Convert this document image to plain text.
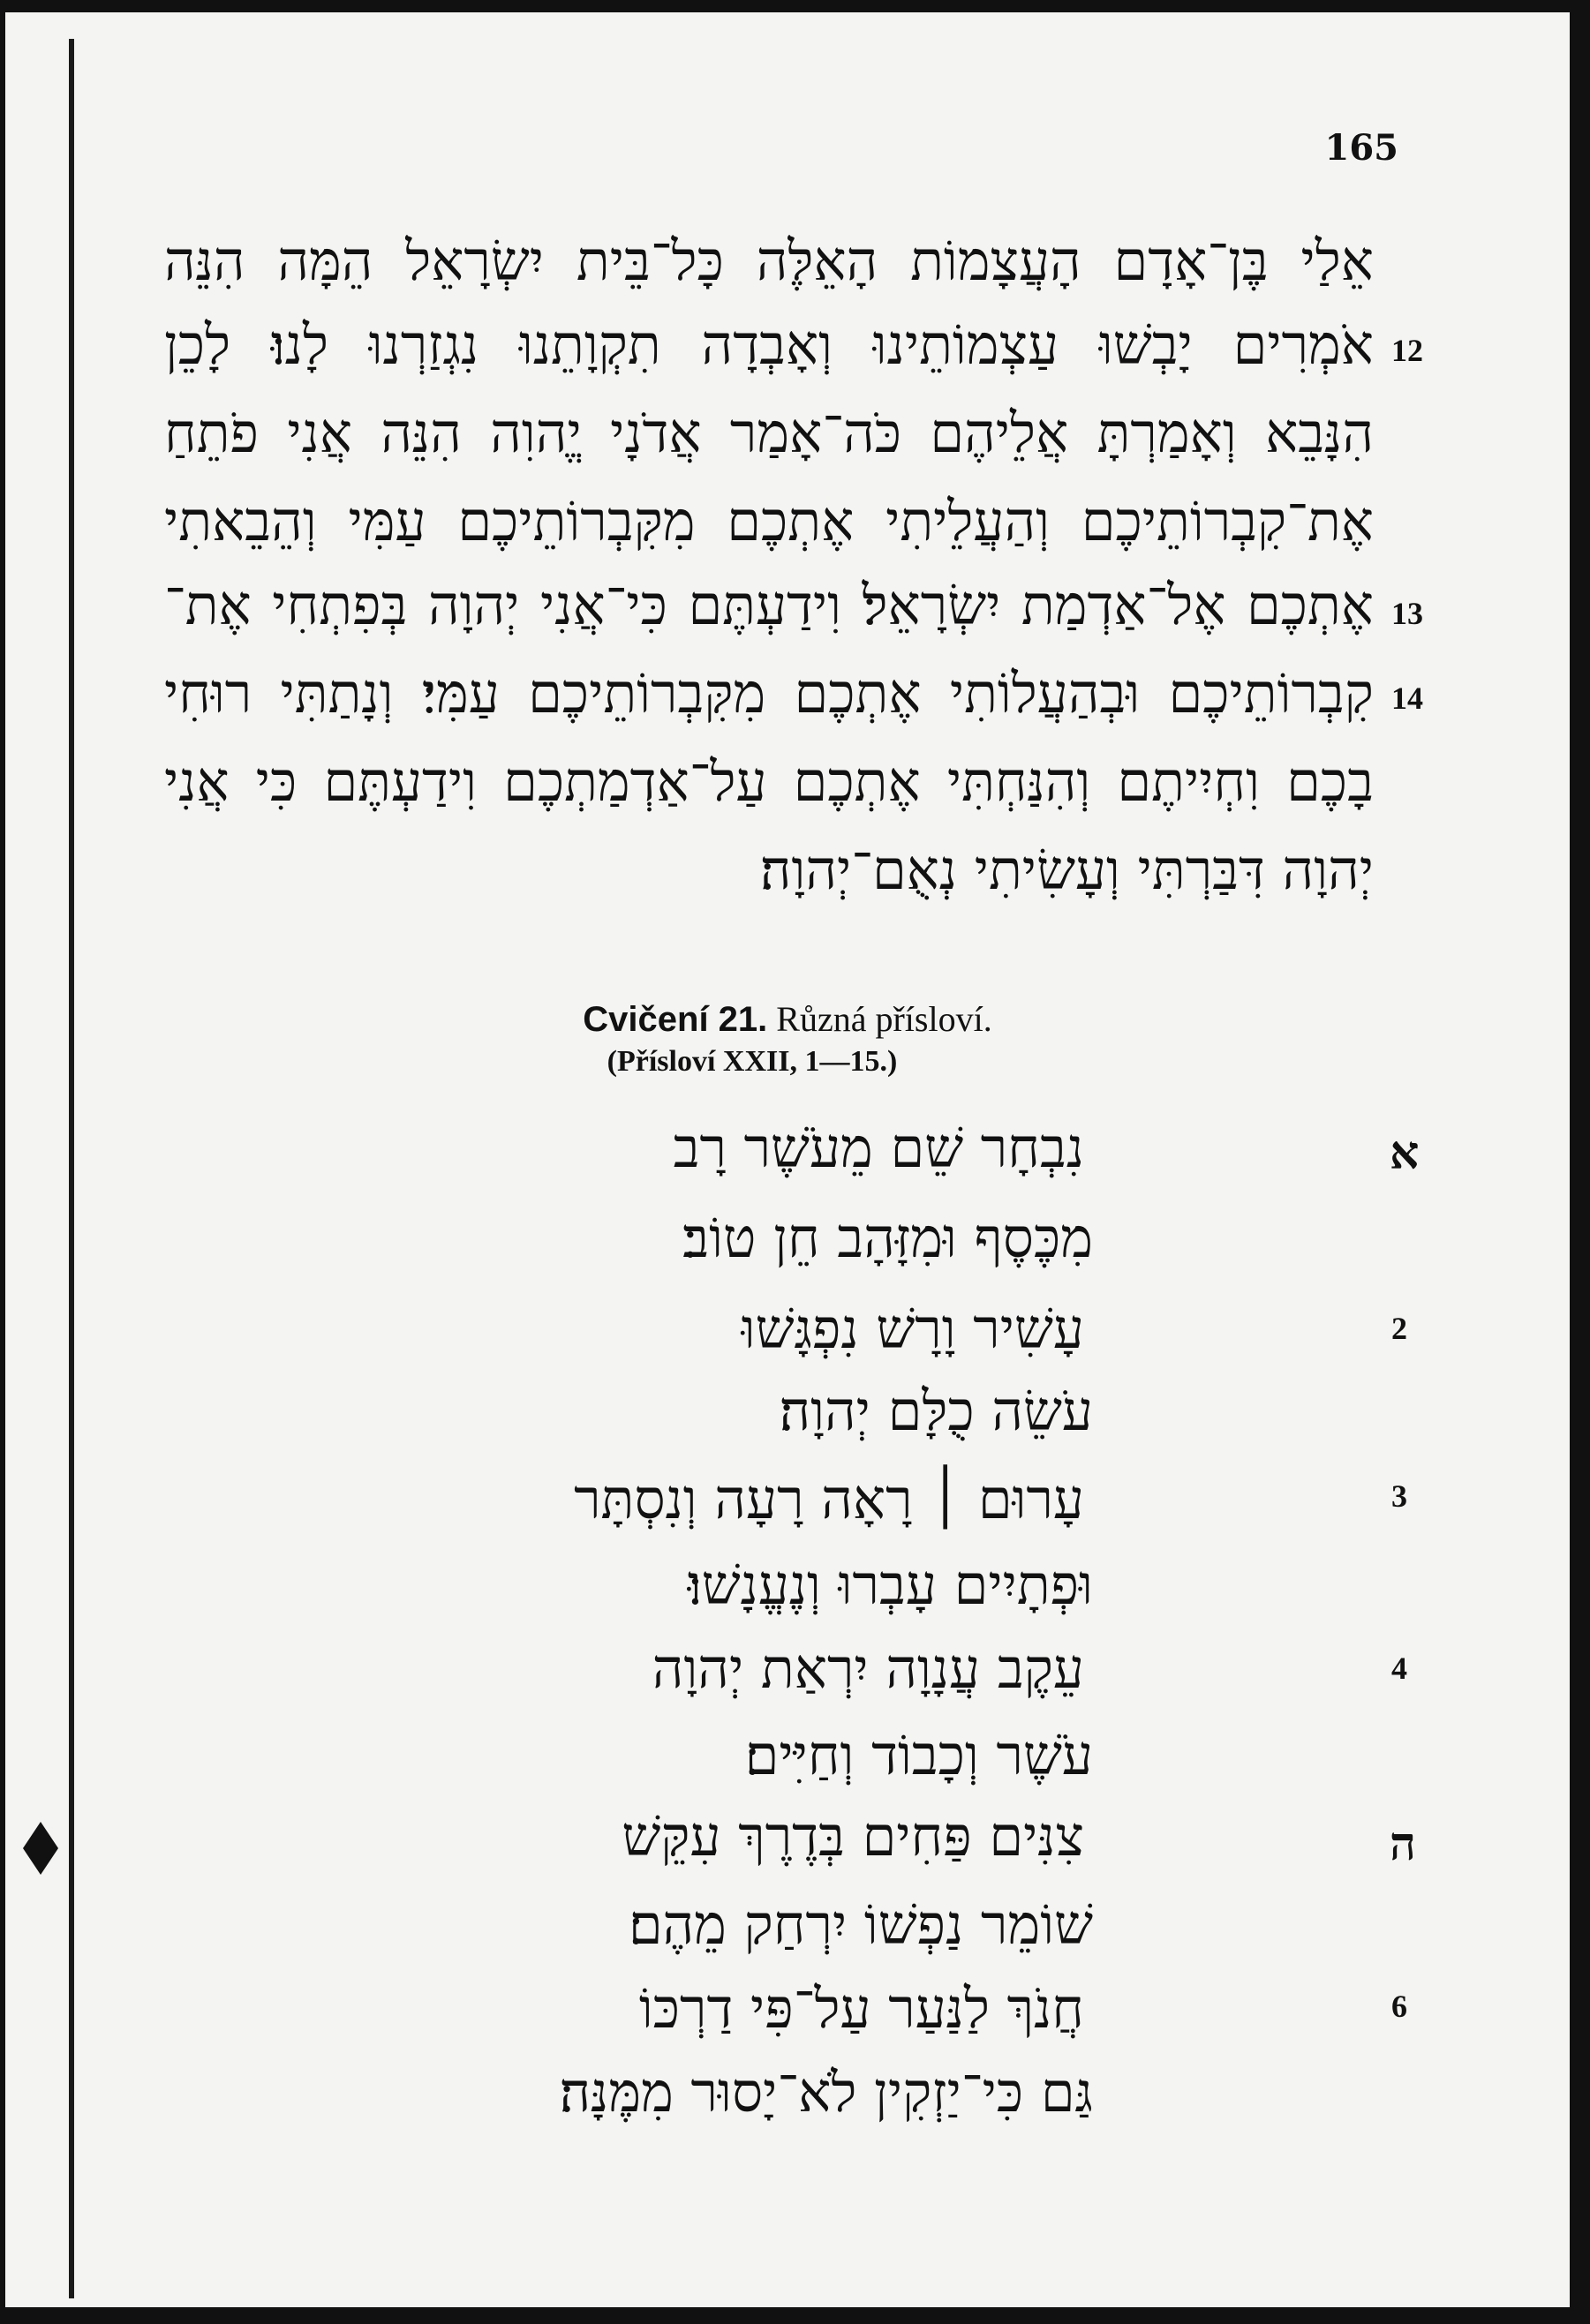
165
אֵלַי בֶּן־אָדָם הָעֲצָמוֹת הָאֵלֶּה כָּל־בֵּית יִשְׂרָאֵל הֵמָּה הִנֵּה
אֹמְרִים יָבְשׁוּ עַצְמוֹתֵינוּ וְאָבְדָה תִקְוָתֵנוּ נִגְזַרְנוּ לָנוּ׃ לָכֵן 12
הִנָּבֵא וְאָמַרְתָּ אֲלֵיהֶם כֹּה־אָמַר אֲדֹנָי יֱהוִה הִנֵּה אֲנִי פֹתֵחַ
אֶת־קִבְרוֹתֵיכֶם וְהַעֲלֵיתִי אֶתְכֶם מִקִּבְרוֹתֵיכֶם עַמִּי וְהֵבֵאתִי
אֶתְכֶם אֶל־אַדְמַת יִשְׂרָאֵל׃ וִידַעְתֶּם כִּי־אֲנִי יְהוָה בְּפִתְחִי אֶת־ 13
קִבְרוֹתֵיכֶם וּבְהַעֲלוֹתִי אֶתְכֶם מִקִּבְרוֹתֵיכֶם עַמִּי׃ וְנָתַתִּי רוּחִי 14
בָכֶם וִחְיִיתֶם וְהִנַּחְתִּי אֶתְכֶם עַל־אַדְמַתְכֶם וִידַעְתֶּם כִּי אֲנִי
יְהוָה דִּבַּרְתִּי וְעָשִׂיתִי נְאֻם־יְהוָה׃
Cvičení 21. Různá přísloví.
(Přísloví XXII, 1—15.)
נִבְחָר שֵׁם מֵעֹשֶׁר רָב	א
מִכֶּסֶף וּמִזָּהָב חֵן טוֹב׃
עָשִׁיר וָרָשׁ נִפְגָּשׁוּ	2
עֹשֵׂה כֻלָּם יְהוָה׃
עָרוּם ׀ רָאָה רָעָה וְנִסְתָּר	3
וּפְתָיִים עָבְרוּ וְנֶעֱנָשׁוּ׃
עֵקֶב עֲנָוָה יִרְאַת יְהוָה	4
עֹשֶׁר וְכָבוֹד וְחַיִּים׃
צִנִּים פַּחִים בְּדֶרֶךְ עִקֵּשׁ	ה
שׁוֹמֵר נַפְשׁוֹ יִרְחַק מֵהֶם׃
חֲנֹךְ לַנַּעַר עַל־פִּי דַרְכּוֹ	6
גַּם כִּי־יַזְקִין לֹא־יָסוּר מִמֶּנָּה׃
